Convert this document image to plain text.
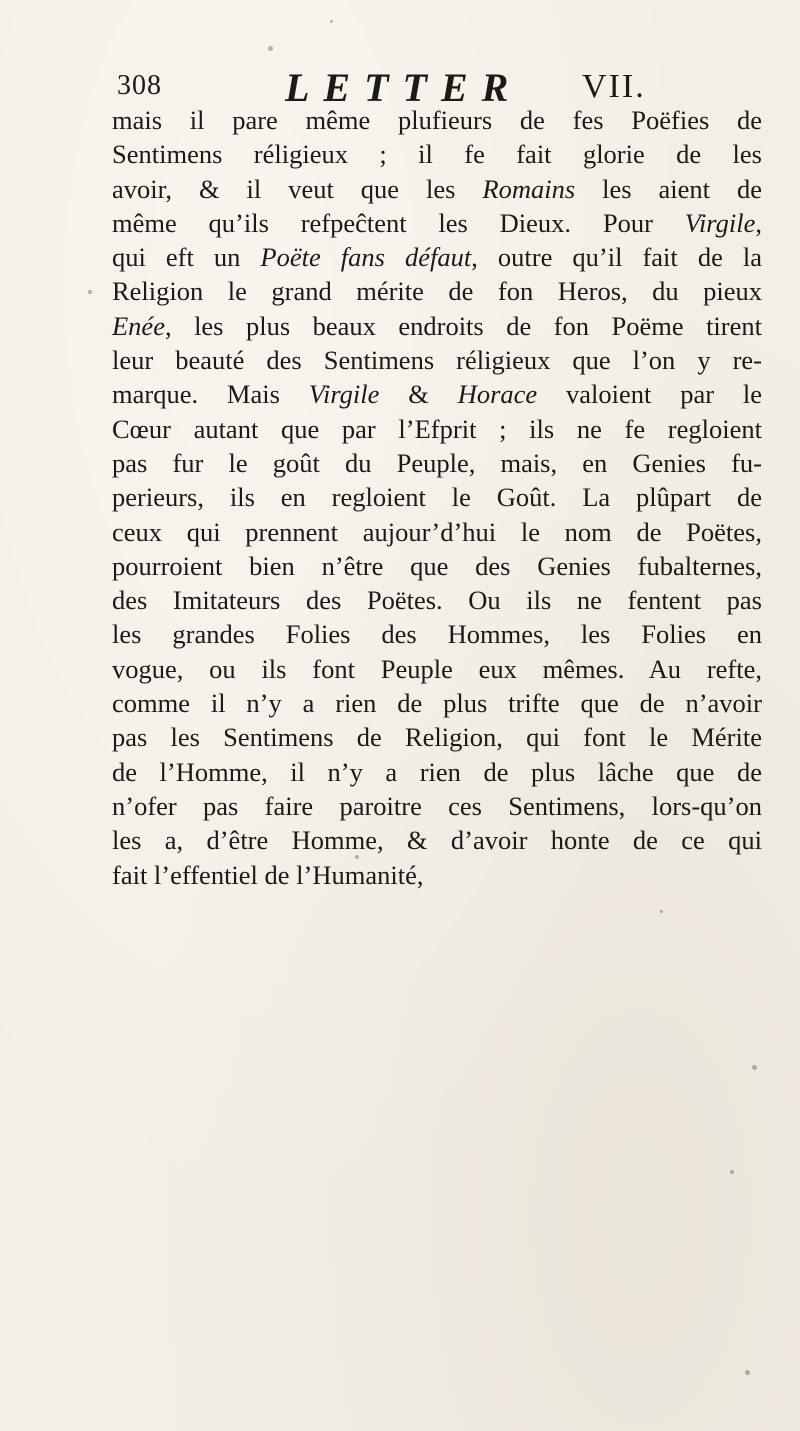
308	LETTER VII.
mais il pare même plufieurs de fes Poëfies de
Sentimens réligieux ; il fe fait glorie de les
avoir, & il veut que les Romains les aient de
même qu’ils refpeĉtent les Dieux. Pour Virgile,
qui eft un Poëte fans défaut, outre qu’il fait de la
Religion le grand mérite de fon Heros, du pieux
Enée, les plus beaux endroits de fon Poëme tirent
leur beauté des Sentimens réligieux que l’on y re-
marque. Mais Virgile & Horace valoient par le
Cœur autant que par l’Efprit ; ils ne fe regloient
pas fur le goût du Peuple, mais, en Genies fu-
perieurs, ils en regloient le Goût. La plûpart de
ceux qui prennent aujour’d’hui le nom de Poëtes,
pourroient bien n’être que des Genies fubalternes,
des Imitateurs des Poëtes. Ou ils ne fentent pas
les grandes Folies des Hommes, les Folies en
vogue, ou ils font Peuple eux mêmes. Au refte,
comme il n’y a rien de plus trifte que de n’avoir
pas les Sentimens de Religion, qui font le Mérite
de l’Homme, il n’y a rien de plus lâche que de
n’ofer pas faire paroitre ces Sentimens, lors-qu’on
les a, d’être Homme, & d’avoir honte de ce qui
fait l’effentiel de l’Humanité,
